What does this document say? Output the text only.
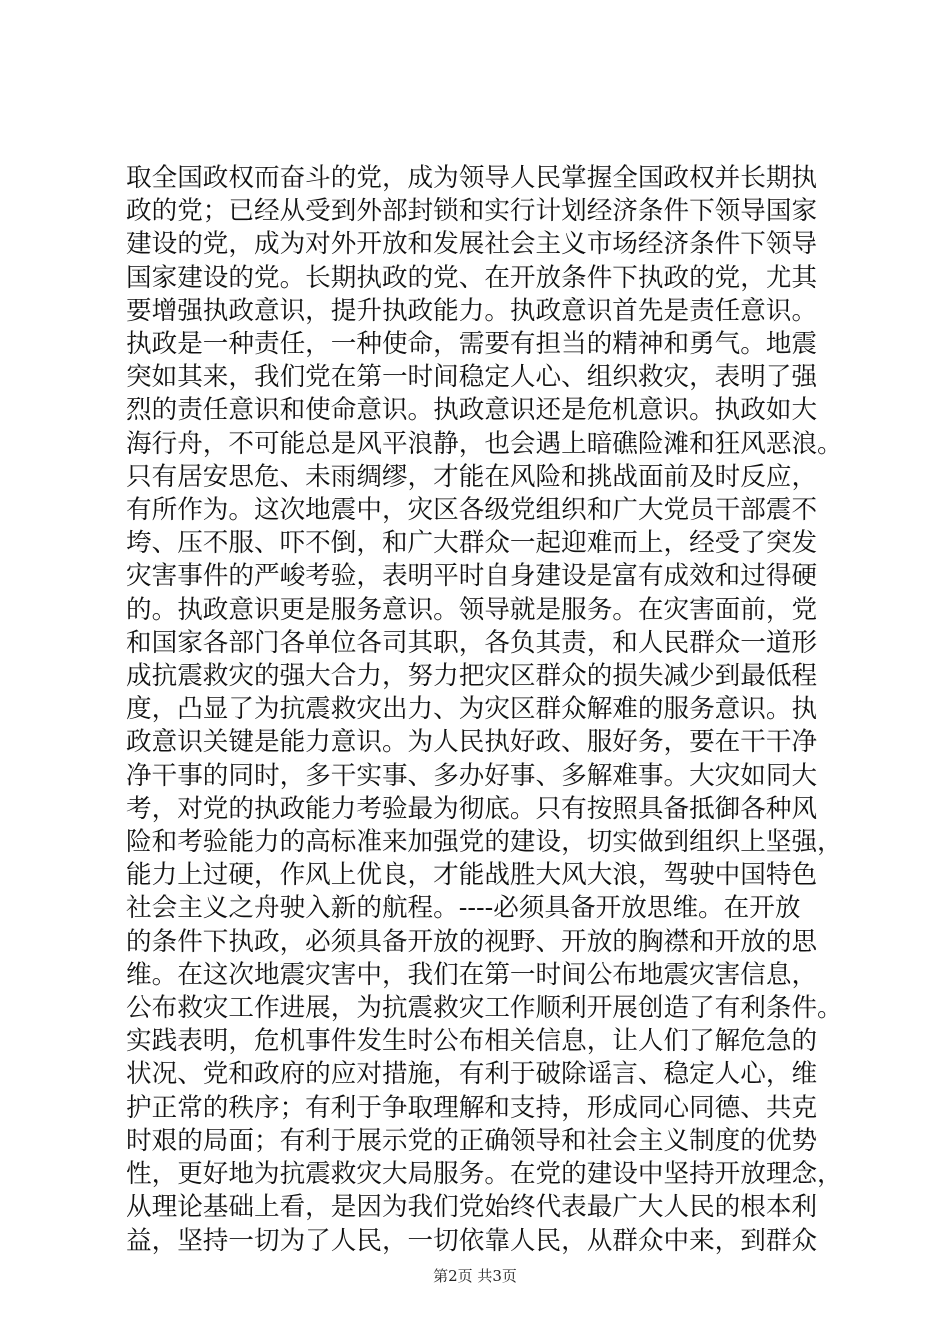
取全国政权而奋斗的党，成为领导人民掌握全国政权并长期执
政的党；已经从受到外部封锁和实行计划经济条件下领导国家
建设的党，成为对外开放和发展社会主义市场经济条件下领导
国家建设的党。长期执政的党、在开放条件下执政的党，尤其
要增强执政意识，提升执政能力。执政意识首先是责任意识。
执政是一种责任，一种使命，需要有担当的精神和勇气。地震
突如其来，我们党在第一时间稳定人心、组织救灾，表明了强
烈的责任意识和使命意识。执政意识还是危机意识。执政如大
海行舟，不可能总是风平浪静，也会遇上暗礁险滩和狂风恶浪。
只有居安思危、未雨绸缪，才能在风险和挑战面前及时反应，
有所作为。这次地震中，灾区各级党组织和广大党员干部震不
垮、压不服、吓不倒，和广大群众一起迎难而上，经受了突发
灾害事件的严峻考验，表明平时自身建设是富有成效和过得硬
的。执政意识更是服务意识。领导就是服务。在灾害面前，党
和国家各部门各单位各司其职，各负其责，和人民群众一道形
成抗震救灾的强大合力，努力把灾区群众的损失减少到最低程
度，凸显了为抗震救灾出力、为灾区群众解难的服务意识。执
政意识关键是能力意识。为人民执好政、服好务，要在干干净
净干事的同时，多干实事、多办好事、多解难事。大灾如同大
考，对党的执政能力考验最为彻底。只有按照具备抵御各种风
险和考验能力的高标准来加强党的建设，切实做到组织上坚强，
能力上过硬，作风上优良，才能战胜大风大浪，驾驶中国特色
社会主义之舟驶入新的航程。----必须具备开放思维。在开放
的条件下执政，必须具备开放的视野、开放的胸襟和开放的思
维。在这次地震灾害中，我们在第一时间公布地震灾害信息，
公布救灾工作进展，为抗震救灾工作顺利开展创造了有利条件。
实践表明，危机事件发生时公布相关信息，让人们了解危急的
状况、党和政府的应对措施，有利于破除谣言、稳定人心，维
护正常的秩序；有利于争取理解和支持，形成同心同德、共克
时艰的局面；有利于展示党的正确领导和社会主义制度的优势
性，更好地为抗震救灾大局服务。在党的建设中坚持开放理念，
从理论基础上看，是因为我们党始终代表最广大人民的根本利
益，坚持一切为了人民，一切依靠人民，从群众中来，到群众
第2页 共3页
